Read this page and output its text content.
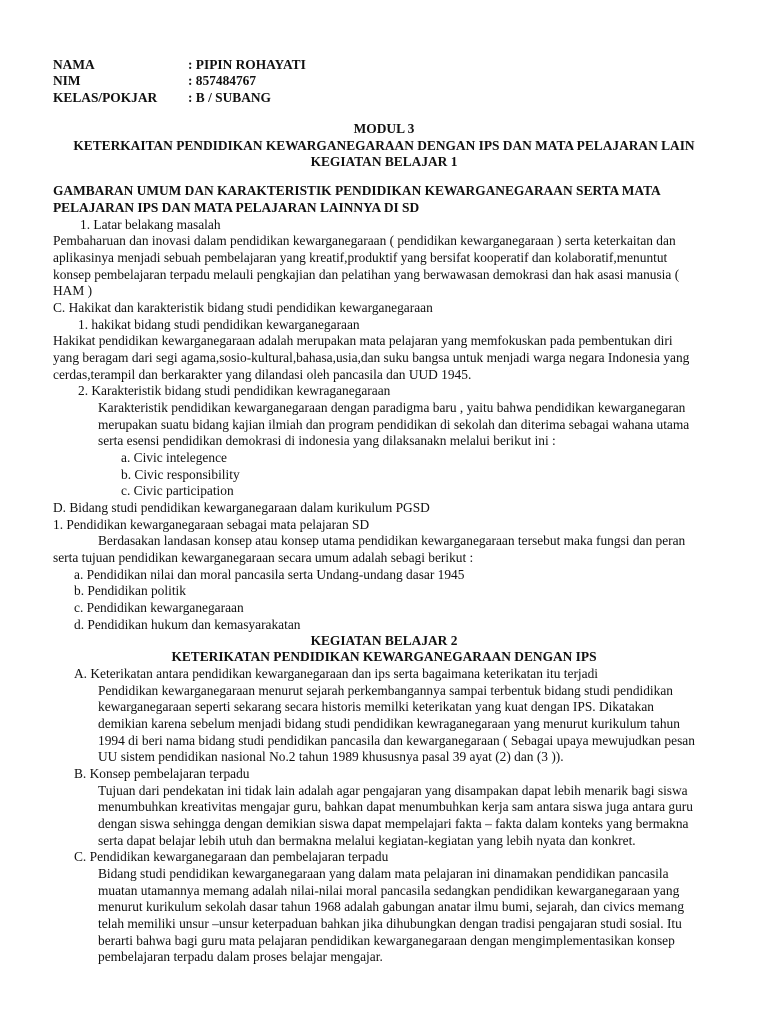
NAMA	: PIPIN ROHAYATI
NIM	: 857484767
KELAS/POKJAR : B / SUBANG
MODUL 3
KETERKAITAN PENDIDIKAN KEWARGANEGARAAN DENGAN IPS DAN MATA PELAJARAN LAIN
KEGIATAN BELAJAR 1
GAMBARAN UMUM DAN KARAKTERISTIK PENDIDIKAN KEWARGANEGARAAN SERTA MATA
PELAJARAN IPS DAN MATA PELAJARAN LAINNYA DI SD
1. Latar belakang masalah
Pembaharuan dan inovasi dalam pendidikan kewarganegaraan ( pendidikan kewarganegaraan ) serta keterkaitan dan
aplikasinya menjadi sebuah pembelajaran yang kreatif,produktif yang bersifat kooperatif dan kolaboratif,menuntut
konsep pembelajaran terpadu melauli pengkajian dan pelatihan yang berwawasan demokrasi dan hak asasi manusia (
HAM )
C. Hakikat dan karakteristik bidang studi pendidikan kewarganegaraan
1. hakikat bidang studi pendidikan kewarganegaraan
Hakikat pendidikan kewarganegaraan adalah merupakan mata pelajaran yang memfokuskan pada pembentukan diri
yang beragam dari segi agama,sosio-kultural,bahasa,usia,dan suku bangsa untuk menjadi warga negara Indonesia yang
cerdas,terampil dan berkarakter yang dilandasi oleh pancasila dan UUD 1945.
2. Karakteristik bidang studi pendidikan kewraganegaraan
Karakteristik pendidikan kewarganegaraan dengan paradigma baru , yaitu bahwa pendidikan kewarganegaran
merupakan suatu bidang kajian ilmiah dan program pendidikan di sekolah dan diterima sebagai wahana utama
serta esensi pendidikan demokrasi di indonesia yang dilaksanakn melalui berikut ini :
a. Civic intelegence
b. Civic responsibility
c. Civic participation
D. Bidang studi pendidikan kewarganegaraan dalam kurikulum PGSD
1. Pendidikan kewarganegaraan sebagai mata pelajaran SD
Berdasakan landasan konsep atau konsep utama pendidikan kewarganegaraan tersebut maka fungsi dan peran
serta tujuan pendidikan kewarganegaraan secara umum adalah sebagi berikut :
a. Pendidikan nilai dan moral pancasila serta Undang-undang dasar 1945
b. Pendidikan politik
c. Pendidikan kewarganegaraan
d. Pendidikan hukum dan kemasyarakatan
KEGIATAN BELAJAR 2
KETERIKATAN PENDIDIKAN KEWARGANEGARAAN DENGAN IPS
A. Keterikatan antara pendidikan kewarganegaraan dan ips serta bagaimana keterikatan itu terjadi
Pendidikan kewarganegaraan menurut sejarah perkembangannya sampai terbentuk bidang studi pendidikan
kewarganegaraan seperti sekarang secara historis memilki keterikatan yang kuat dengan IPS. Dikatakan
demikian karena sebelum menjadi bidang studi pendidikan kewraganegaraan yang menurut kurikulum tahun
1994 di beri nama bidang studi pendidikan pancasila dan kewarganegaraan ( Sebagai upaya mewujudkan pesan
UU sistem pendidikan nasional No.2 tahun 1989 khususnya pasal 39 ayat (2) dan (3 )).
B. Konsep pembelajaran terpadu
Tujuan dari pendekatan ini tidak lain adalah agar pengajaran yang disampakan dapat lebih menarik bagi siswa
menumbuhkan kreativitas mengajar guru, bahkan dapat menumbuhkan kerja sam antara siswa juga antara guru
dengan siswa sehingga dengan demikian siswa dapat mempelajari fakta – fakta dalam konteks yang bermakna
serta dapat belajar lebih utuh dan bermakna melalui kegiatan-kegiatan yang lebih nyata dan konkret.
C. Pendidikan kewarganegaraan dan pembelajaran terpadu
Bidang studi pendidikan kewarganegaraan yang dalam mata pelajaran ini dinamakan pendidikan pancasila
muatan utamannya memang adalah nilai-nilai moral pancasila sedangkan pendidikan kewarganegaraan yang
menurut kurikulum sekolah dasar tahun 1968 adalah gabungan anatar ilmu bumi, sejarah, dan civics memang
telah memiliki unsur –unsur keterpaduan bahkan jika dihubungkan dengan tradisi pengajaran studi sosial. Itu
berarti bahwa bagi guru mata pelajaran pendidikan kewarganegaraan dengan mengimplementasikan konsep
pembelajaran terpadu dalam proses belajar mengajar.
